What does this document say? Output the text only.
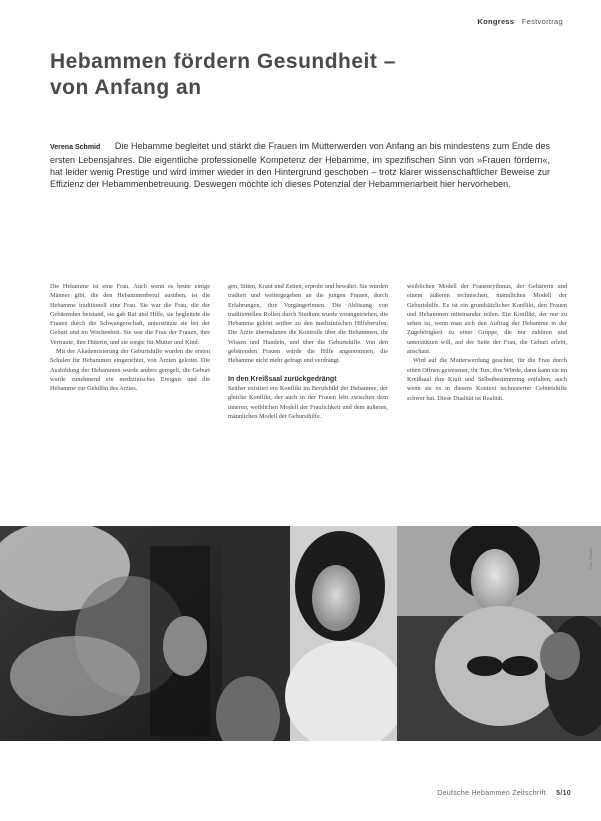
Kongress Festvortrag
Hebammen fördern Gesundheit –
von Anfang an
Verena Schmid Die Hebamme begleitet und stärkt die Frauen im Mutterwerden von Anfang an bis mindestens zum Ende des ersten Lebensjahres. Die eigentliche professionelle Kompetenz der Hebamme, im spezifischen Sinn von »Frauen fördern«, hat leider wenig Prestige und wird immer wieder in den Hintergrund geschoben – trotz klarer wissenschaftlicher Beweise zur Effizienz der Hebammenbetreuung. Deswegen möchte ich dieses Potenzial der Hebammenarbeit hier hervorheben.

Die Hebamme ist eine Frau. Auch wenn es heute einige Männer gibt, die den Hebammenberuf ausüben, ist die Hebamme traditionell eine Frau. Sie war die Frau, die der Gebärenden beistand, sie gab Rat und Hilfe, sie begleitete die Frauen durch die Schwangerschaft, unterstützte sie bei der Geburt und im Wochenbett. Sie war die Frau der Frauen, ihre Vertraute, ihre Hüterin, und sie sorgte für Mutter und Kind.

Mit der Akademisierung der Geburtshilfe wurden die ersten Schulen für Hebammen eingerichtet, von Ärzten geleitet. Die Ausbildung der Hebammen wurde anders geregelt, die Geburt wurde zunehmend ein medizinisches Ereignis und die Hebamme zur Gehilfin des Arztes.

gen, Sitten, Kraut und Zeiten, erprobt und bewährt. Sie wurden tradiert und weitergegeben an die jungen Frauen, durch Erfahrungen, ihre Vorgängerinnen. Die Ablösung von traditionellen Rollen durch Studium wurde vorangetrieben, die Hebamme gehört seither zu den medizinischen Hilfsberufen. Die Ärzte übernahmen die Kontrolle über die Hebammen, ihr Wissen und Handeln, und über die Geburtshilfe. Von den gebärenden Frauen wurde die Hilfe angenommen, die Hebamme nicht mehr gefragt und verdrängt.

In den Kreißsaal zurückgedrängt

Seither existiert ein Konflikt im Berufsbild der Hebamme, der gleiche Konflikt, der auch in der Frauen lebt zwischen dem inneren, weiblichen Modell der Fraulichkeit und dem äußeren, männlichen Modell der Gebursthilfe.

weiblichen Modell der Frauenrythmus, der Gebärerin und einem äußeren technischen, männlichen Modell der Geburtshilfe. Es ist ein grundsätzlicher Konflikt, den Frauen und Hebammen miteinander teilen. Ein Konflikt, der nur zu sehen ist, wenn man sich den Auftrag der Hebamme in der Zugehörigkeit zu einer Gruppe, die nur zuhören und unterstützen will, auf der Seite der Frau, die Geburt erlebt, anschaut.

Wird auf die Mutterwerdung geachtet, für die Frau durch einen Offnen gewesener, ihr Tun, ihre Würde, dann kann sie im Kreißsaal ihre Kraft und Selbstbestimmung entfalten, auch wenn sie es in diesem Kontext technisierter Geburtshilfe schwer hat. Diese Dualität ist Realität.

Foto: Fotolia
Deutsche Hebammen Zeitschrift 5/10
